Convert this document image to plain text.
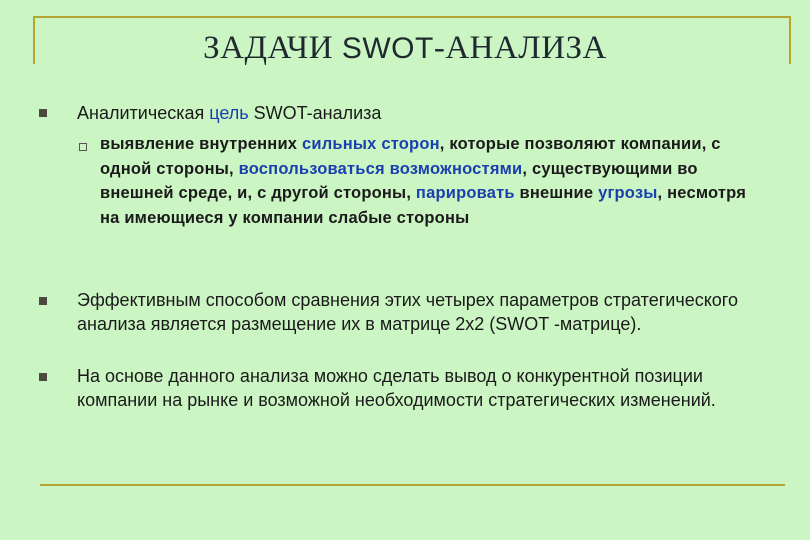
ЗАДАЧИ SWOT-АНАЛИЗА
Аналитическая цель SWOT-анализа
выявление внутренних сильных сторон, которые позволяют компании, с одной стороны, воспользоваться возможностями, существующими во внешней среде, и, с другой стороны, парировать внешние угрозы, несмотря на имеющиеся у компании слабые стороны
Эффективным способом сравнения этих четырех параметров стратегического анализа является размещение их в матрице 2х2 (SWOT -матрице).
На основе данного анализа можно сделать вывод о конкурентной позиции компании на рынке и возможной необходимости стратегических изменений.
